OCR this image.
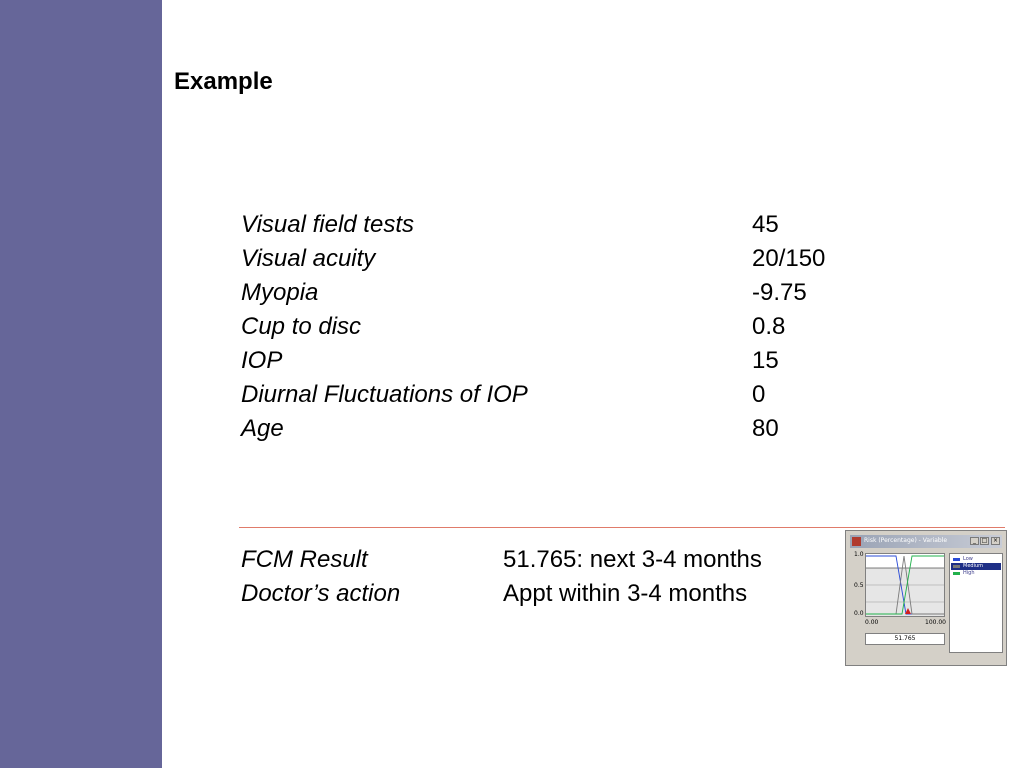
Example
Visual field tests	45
Visual acuity	20/150
Myopia	-9.75
Cup to disc	0.8
IOP	15
Diurnal Fluctuations of IOP	0
Age	80
FCM Result	51.765: next 3-4 months
Doctor’s action	Appt within 3-4 months
Risk (Percentage) - Variable	_ □ ×
1.0
0.5
0.0
0.00	100.00
51.765
Low
Medium
High
